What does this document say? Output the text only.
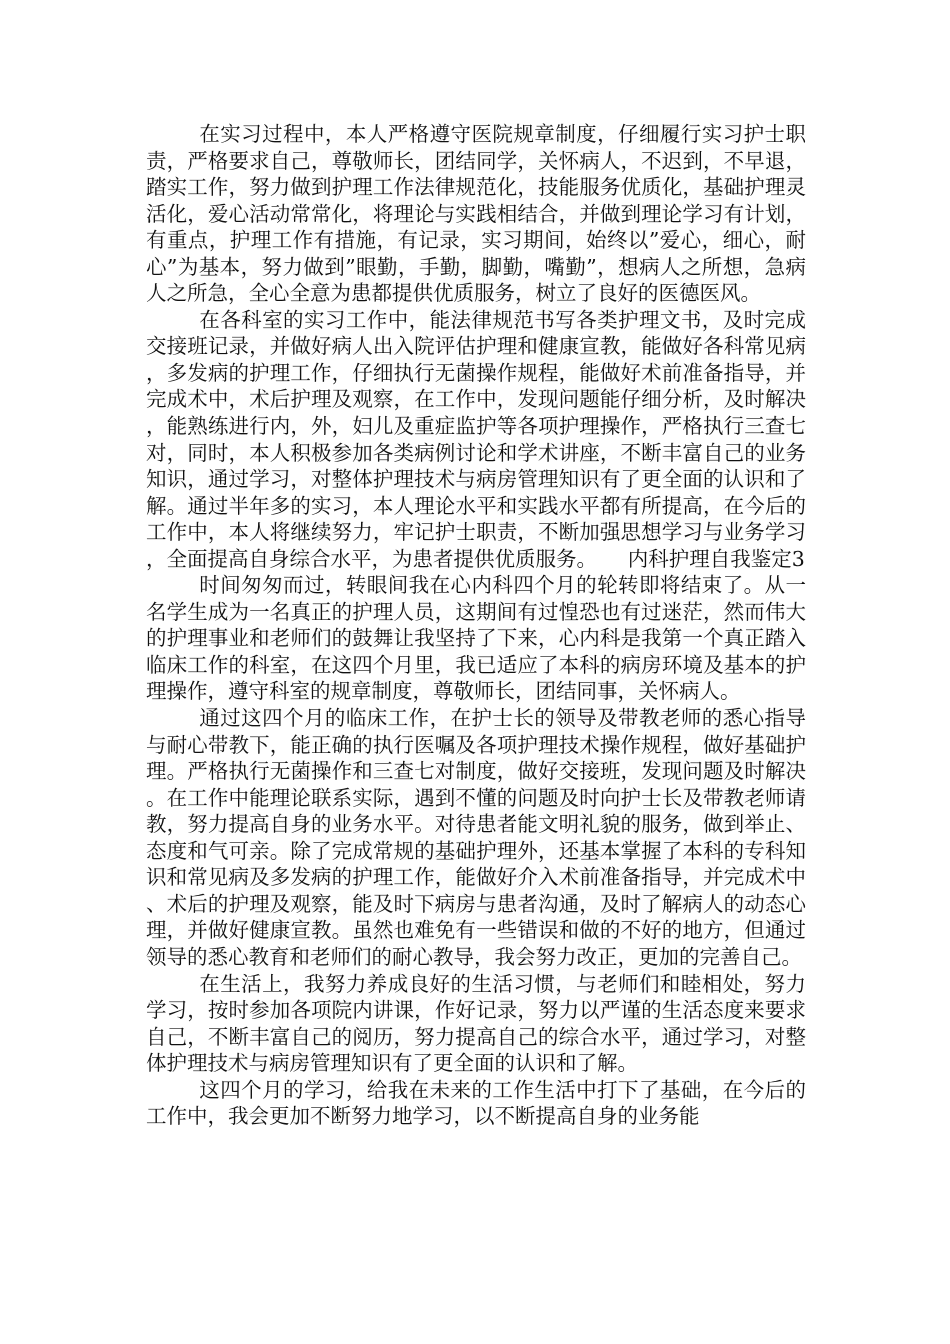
在实习过程中，本人严格遵守医院规章制度，仔细履行实习护士职责，严格要求自己，尊敬师长，团结同学，关怀病人，不迟到，不早退，踏实工作，努力做到护理工作法律规范化，技能服务优质化，基础护理灵活化，爱心活动常常化，将理论与实践相结合，并做到理论学习有计划，有重点，护理工作有措施，有记录，实习期间，始终以”爱心，细心，耐心”为基本，努力做到”眼勤，手勤，脚勤，嘴勤”，想病人之所想，急病人之所急，全心全意为患都提供优质服务，树立了良好的医德医风。

在各科室的实习工作中，能法律规范书写各类护理文书，及时完成交接班记录，并做好病人出入院评估护理和健康宣教，能做好各科常见病，多发病的护理工作，仔细执行无菌操作规程，能做好术前准备指导，并完成术中，术后护理及观察，在工作中，发现问题能仔细分析，及时解决，能熟练进行内，外，妇儿及重症监护等各项护理操作，严格执行三查七对，同时，本人积极参加各类病例讨论和学术讲座，不断丰富自己的业务知识，通过学习，对整体护理技术与病房管理知识有了更全面的认识和了解。通过半年多的实习，本人理论水平和实践水平都有所提高，在今后的工作中，本人将继续努力，牢记护士职责，不断加强思想学习与业务学习，全面提高自身综合水平，为患者提供优质服务。　　内科护理自我鉴定3

时间匆匆而过，转眼间我在心内科四个月的轮转即将结束了。从一名学生成为一名真正的护理人员，这期间有过惶恐也有过迷茫，然而伟大的护理事业和老师们的鼓舞让我坚持了下来，心内科是我第一个真正踏入临床工作的科室，在这四个月里，我已适应了本科的病房环境及基本的护理操作，遵守科室的规章制度，尊敬师长，团结同事，关怀病人。

通过这四个月的临床工作，在护士长的领导及带教老师的悉心指导与耐心带教下，能正确的执行医嘱及各项护理技术操作规程，做好基础护理。严格执行无菌操作和三查七对制度，做好交接班，发现问题及时解决。在工作中能理论联系实际，遇到不懂的问题及时向护士长及带教老师请教，努力提高自身的业务水平。对待患者能文明礼貌的服务，做到举止、态度和气可亲。除了完成常规的基础护理外，还基本掌握了本科的专科知识和常见病及多发病的护理工作，能做好介入术前准备指导，并完成术中、术后的护理及观察，能及时下病房与患者沟通，及时了解病人的动态心理，并做好健康宣教。虽然也难免有一些错误和做的不好的地方，但通过领导的悉心教育和老师们的耐心教导，我会努力改正，更加的完善自己。

在生活上，我努力养成良好的生活习惯，与老师们和睦相处，努力学习，按时参加各项院内讲课，作好记录，努力以严谨的生活态度来要求自己，不断丰富自己的阅历，努力提高自己的综合水平，通过学习，对整体护理技术与病房管理知识有了更全面的认识和了解。

这四个月的学习，给我在未来的工作生活中打下了基础，在今后的工作中，我会更加不断努力地学习，以不断提高自身的业务能
